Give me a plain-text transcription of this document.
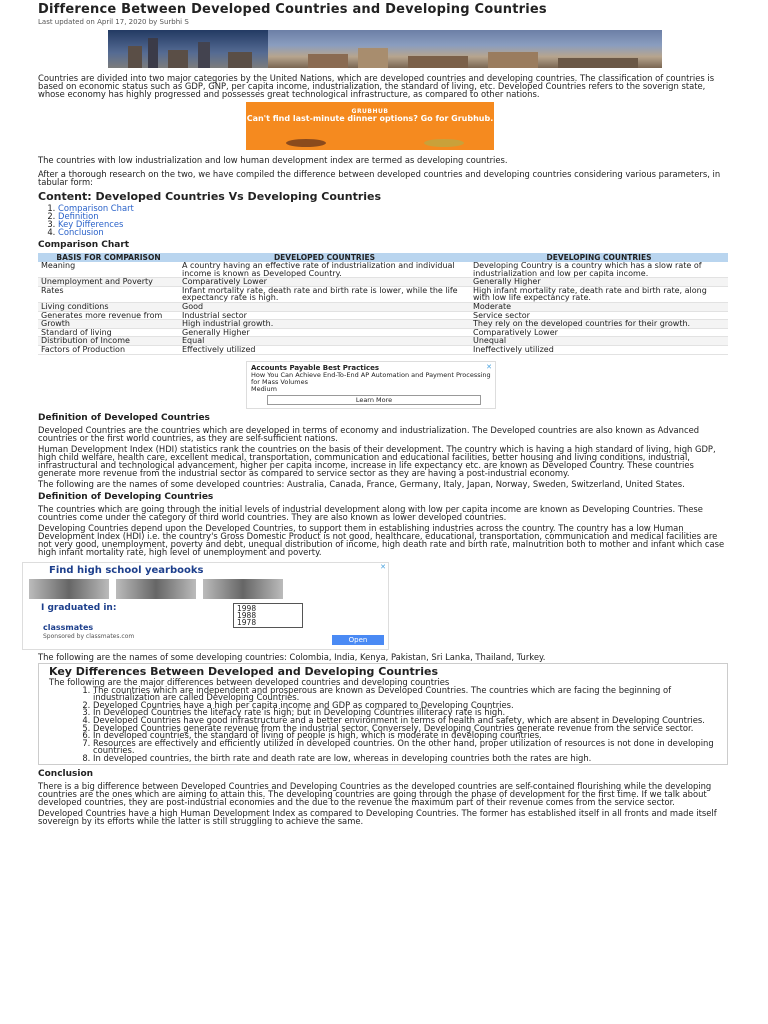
Difference Between Developed Countries and Developing Countries
Last updated on April 17, 2020 by Surbhi S

Countries are divided into two major categories by the United Nations, which are developed countries and developing countries. The classification of countries is based on economic status such as GDP, GNP, per capita income, industrialization, the standard of living, etc. Developed Countries refers to the soverign state, whose economy has highly progressed and possesses great technological infrastructure, as compared to other nations.

GRUBHUB
Can't find last-minute dinner options? Go for Grubhub.

The countries with low industrialization and low human development index are termed as developing countries.

After a thorough research on the two, we have compiled the difference between developed countries and developing countries considering various parameters, in tabular form:

Content: Developed Countries Vs Developing Countries
1. Comparison Chart
2. Definition
3. Key Differences
4. Conclusion
Comparison Chart
BASIS FOR COMPARISON	DEVELOPED COUNTRIES	DEVELOPING COUNTRIES
Meaning	A country having an effective rate of industrialization and individual income is known as Developed Country.	Developing Country is a country which has a slow rate of industrialization and low per capita income.
Unemployment and Poverty	Comparatively Lower	Generally Higher
Rates	Infant mortality rate, death rate and birth rate is lower, while the life expectancy rate is high.	High infant mortality rate, death rate and birth rate, along with low life expectancy rate.
Living conditions	Good	Moderate
Generates more revenue from	Industrial sector	Service sector
Growth	High industrial growth.	They rely on the developed countries for their growth.
Standard of living	Generally Higher	Comparatively Lower
Distribution of Income	Equal	Unequal
Factors of Production	Effectively utilized	Ineffectively utilized
✕
Accounts Payable Best Practices
How You Can Achieve End-To-End AP Automation and Payment Processing for Mass Volumes
Medium
Learn More
Definition of Developed Countries

Developed Countries are the countries which are developed in terms of economy and industrialization. The Developed countries are also known as Advanced countries or the first world countries, as they are self-sufficient nations.

Human Development Index (HDI) statistics rank the countries on the basis of their development. The country which is having a high standard of living, high GDP, high child welfare, health care, excellent medical, transportation, communication and educational facilities, better housing and living conditions, industrial, infrastructural and technological advancement, higher per capita income, increase in life expectancy etc. are known as Developed Country. These countries generate more revenue from the industrial sector as compared to service sector as they are having a post-industrial economy.

The following are the names of some developed countries: Australia, Canada, France, Germany, Italy, Japan, Norway, Sweden, Switzerland, United States.

Definition of Developing Countries

The countries which are going through the initial levels of industrial development along with low per capita income are known as Developing Countries. These countries come under the category of third world countries. They are also known as lower developed countries.

Developing Countries depend upon the Developed Countries, to support them in establishing industries across the country. The country has a low Human Development Index (HDI) i.e. the country's Gross Domestic Product is not good, healthcare, educational, transportation, communication and medical facilities are not very good, unemployment, poverty and debt, unequal distribution of income, high death rate and birth rate, malnutrition both to mother and infant which case high infant mortality rate, high level of unemployment and poverty.

✕
Find high school yearbooks

I graduated in:	1998
1988
1978
classmates
Sponsored by classmates.com	Open

The following are the names of some developing countries: Colombia, India, Kenya, Pakistan, Sri Lanka, Thailand, Turkey.

Key Differences Between Developed and Developing Countries

The following are the major differences between developed countries and developing countries

1. The countries which are independent and prosperous are known as Developed Countries. The countries which are facing the beginning of industrialization are called Developing Countries.
2. Developed Countries have a high per capita income and GDP as compared to Developing Countries.
3. In Developed Countries the literacy rate is high; but in Developing Countries illiteracy rate is high.
4. Developed Countries have good infrastructure and a better environment in terms of health and safety, which are absent in Developing Countries.
5. Developed Countries generate revenue from the industrial sector. Conversely, Developing Countries generate revenue from the service sector.
6. In developed countries, the standard of living of people is high, which is moderate in developing countries.
7. Resources are effectively and efficiently utilized in developed countries. On the other hand, proper utilization of resources is not done in developing countries.
8. In developed countries, the birth rate and death rate are low, whereas in developing countries both the rates are high.
Conclusion

There is a big difference between Developed Countries and Developing Countries as the developed countries are self-contained flourishing while the developing countries are the ones which are aiming to attain this. The developing countries are going through the phase of development for the first time. If we talk about developed countries, they are post-industrial economies and the due to the revenue the maximum part of their revenue comes from the service sector.

Developed Countries have a high Human Development Index as compared to Developing Countries. The former has established itself in all fronts and made itself sovereign by its efforts while the latter is still struggling to achieve the same.
